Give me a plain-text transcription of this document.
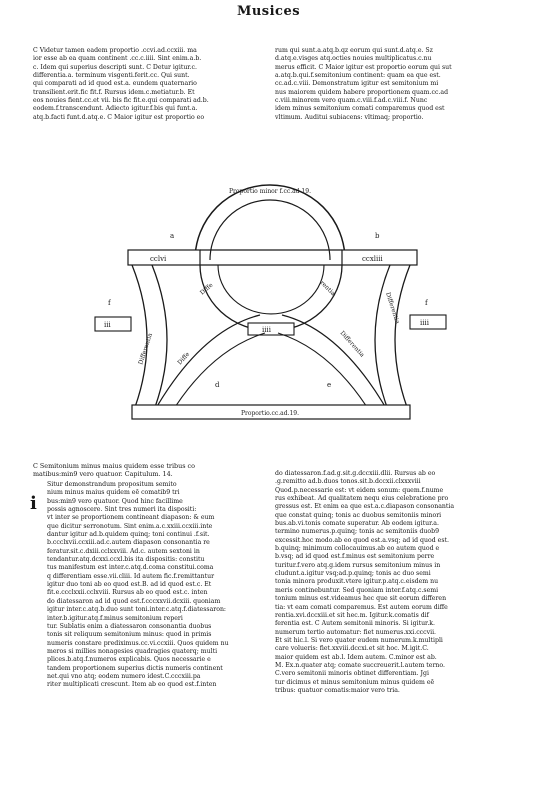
Musices
C Videtur tamen eadem proportio .ccvi.ad.ccxiii. ma
ior esse ab ea quam continent .cc.c.iiii. Sint enim.a.b.
c. Idem qui superius descripti sunt. C Detur igitur.c.
differentia.a. terminum visgenti.ferit.cc. Qui sunt.
qui comparati ad id quod est.a. eundem quaternario
transilient.erit.fic fit.f. Rursus idem.c.metiatur.b. Et
eos nouies fient.cc.et vii. bis fic fit.e.qui comparati ad.b.
eodem.f.transcendunt. Adiecto igitur.f.bis qui funt.a.
atq.b.facti funt.d.atq.e. C Maior igitur est proportio eo
rum qui sunt.a.atq.b.qz eorum qui sunt.d.atq.e. Sz
d.atq.e.visges atq.octies nouies multiplicatus.c.nu
merus efficit. C Maior igitur est proportio eorum qui sut
a.atq.b.qui.f.semitonium continent: quam ea que est.
cc.ad.c.viii. Demonstratum igitur est semitonium mi
nus maiorem quidem habere proportionem quam.cc.ad
c.viii.minorem vero quam.c.viii.f.ad.c.viii.f. Nunc
idem minus semitonium comati comparemus quod est
vltimum. Auditui subiacens: vltimaq; proportio.
Proportio minor f.cc.ad 19.
cclvi	ccxliii
Differentia
Differentia
iii	iiii
iiii
Diffe	rentia
Diffe	Differentia
Proportio.cc.ad.19.
a	b
f	f
d	e
C Semitonium minus maius quidem esse tribus co
matibus:min9 vero quatuor. Capitulum. 14.
i
Situr demonstrandum propositum semito
nium minus maius quidem eē comatib9 tri
bus:min9 vero quatuor. Quod hinc facillime
possis agnoscere. Sint tres numeri ita dispositi:
vt inter se proportionem contineant diapason: & eum
que dicitur serronotum. Sint enim.a.c.xxiii.ccxiii.inte
dantur igitur ad.b.quidem quinq; toni continui .f.sit.
b.ccclxvii.ccxiii.ad.c.autem diapason consonantia re
feratur.sit.c.dxiii.cclxxviii. Ad.c. autem sextoni in
tendantur.atq.dcxxi.ccxl.bis ita dispositis: constitu
tus manifestum est inter.c.atq.d.coma constitui.coma
q differentiam esse.vii.cliii. Id autem fic.f.remittantur
igitur duo toni ab eo quod est.B. ad id quod est.c. Et
fit.e.ccclxxii.cclxviii. Rursus ab eo quod est.c. inten
do diatessaron ad id quod est.f.cccxxvii.dcxiii. quoniam
igitur inter.c.atq.b.duo sunt toni.inter.c.atq.f.diatessaron:
inter.b.igitur.atq.f.minus semitonium reperi
tur. Sublatis enim a diatessaron consonantia duobus
tonis sit reliquum semitonium minus: quod in primis
numeris constare prediximus.cc.vi.ccxiii. Quos quidem nu
meros si millies nonagesies quadragies quaterq; multi
plices.b.atq.f.numeros explicabis. Quos necessarie e
tandem proportionem superius dictis numeris continent
net.qui vno atq; eodem numero idest.C.cccxiii.pa
riter multiplicati crescunt. Item ab eo quod est.f.inten
do diatessaron.f.ad.g.sit.g.dccxiii.dlii. Rursus ab eo
.g.remitto ad.b.duos tonos.sit.b.dccxii.clxxxviii
Quod.p.necessarie est: vt eidem sonum: quem.f.nume
rus exhibeat. Ad qualitatem nequ eius celebratione pro
gressus est. Et enim ea que est.a.c.diapason consonantia
que constat quinq; tonis ac duobus semitoniis minori
bus.ab.vi.tonis comate superatur. Ab eodem igitur.a.
termino numerus.p.quinq; tonis ac semitoniis duob9
excessit.hoc modo.ab eo quod est.a.vsq; ad id quod est.
b.quinq; minimum collocauimus.ab eo autem quod e
b.vsq; ad id quod est.f.minus est semitonium perre
turitur.f.vero atq.g.idem rursus semitonium minus in
cludunt.a.igitur vsq;ad.p.quinq; tonis ac duo semi
tonia minora produxit.vtere igitur.p.atq.c.eisdem nu
meris continebuntur. Sed quoniam inter.f.atq.c.semi
tonium minus est.videamus hec que sit eorum differen
tia: vt eam comati comparemus. Est autem eorum diffe
rentia.xvi.dccxiii.et sit hec.m. Igitur.k.comatis dif
ferentia est. C Autem semitonii minoris. Si igitur.k.
numerum tertio automatur: fiet numerus.xxi.cccvii.
Et sit hic.l. Si vero quater eudem numerum.k.multipli
care volueris: fiet.xxviii.dccxi.et sit hoc. M.igit.C.
maior quidem est ab.l. Idem autem. C.minor est ab.
M. Ex.n.quater atq; comate succreuerit.l.autem terno.
C.vero semitonii minoris obtinet differentiam. Jgi
tur dicimus et minus semitonium minus quidem eē
tribus: quatuor comatis:maior vero tria.
